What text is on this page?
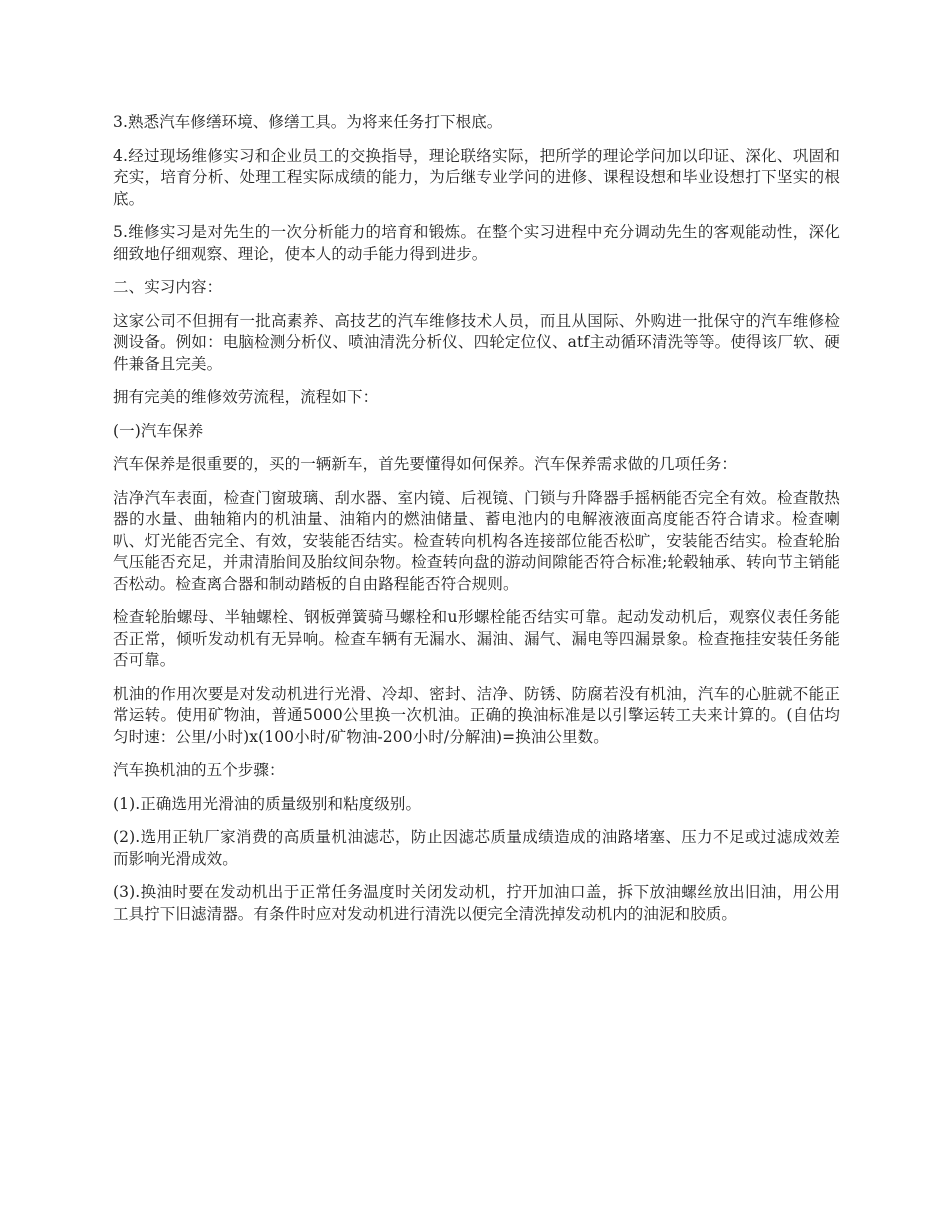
3.熟悉汽车修缮环境、修缮工具。为将来任务打下根底。

4.经过现场维修实习和企业员工的交换指导，理论联络实际，把所学的理论学问加以印证、深化、巩固和充实，培育分析、处理工程实际成绩的能力，为后继专业学问的进修、课程设想和毕业设想打下坚实的根底。

5.维修实习是对先生的一次分析能力的培育和锻炼。在整个实习进程中充分调动先生的客观能动性，深化细致地仔细观察、理论，使本人的动手能力得到进步。

二、实习内容：

这家公司不但拥有一批高素养、高技艺的汽车维修技术人员，而且从国际、外购进一批保守的汽车维修检测设备。例如：电脑检测分析仪、喷油清洗分析仪、四轮定位仪、atf主动循环清洗等等。使得该厂软、硬件兼备且完美。

拥有完美的维修效劳流程，流程如下：

(一)汽车保养

汽车保养是很重要的，买的一辆新车，首先要懂得如何保养。汽车保养需求做的几项任务：

洁净汽车表面，检查门窗玻璃、刮水器、室内镜、后视镜、门锁与升降器手摇柄能否完全有效。检查散热器的水量、曲轴箱内的机油量、油箱内的燃油储量、蓄电池内的电解液液面高度能否符合请求。检查喇叭、灯光能否完全、有效，安装能否结实。检查转向机构各连接部位能否松旷，安装能否结实。检查轮胎气压能否充足，并肃清胎间及胎纹间杂物。检查转向盘的游动间隙能否符合标准;轮毂轴承、转向节主销能否松动。检查离合器和制动踏板的自由路程能否符合规则。

检查轮胎螺母、半轴螺栓、钢板弹簧骑马螺栓和u形螺栓能否结实可靠。起动发动机后，观察仪表任务能否正常，倾听发动机有无异响。检查车辆有无漏水、漏油、漏气、漏电等四漏景象。检查拖挂安装任务能否可靠。

机油的作用次要是对发动机进行光滑、冷却、密封、洁净、防锈、防腐若没有机油，汽车的心脏就不能正常运转。使用矿物油，普通5000公里换一次机油。正确的换油标准是以引擎运转工夫来计算的。(自估均匀时速：公里/小时)x(100小时/矿物油-200小时/分解油)=换油公里数。

汽车换机油的五个步骤：

(1).正确选用光滑油的质量级别和粘度级别。

(2).选用正轨厂家消费的高质量机油滤芯，防止因滤芯质量成绩造成的油路堵塞、压力不足或过滤成效差而影响光滑成效。

(3).换油时要在发动机出于正常任务温度时关闭发动机，拧开加油口盖，拆下放油螺丝放出旧油，用公用工具拧下旧滤清器。有条件时应对发动机进行清洗以便完全清洗掉发动机内的油泥和胶质。
